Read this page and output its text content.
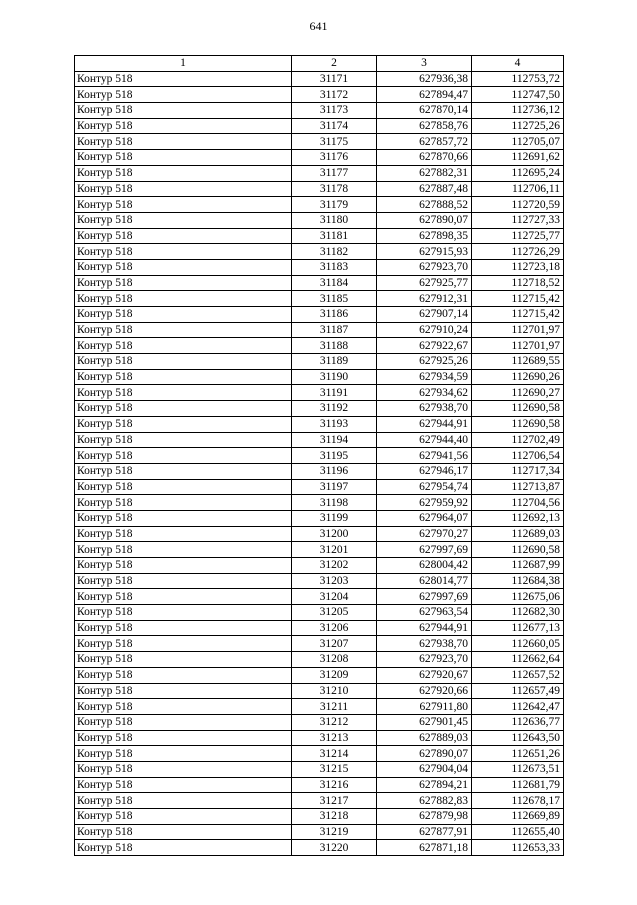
641
1	2	3	4
Контур 518	31171	627936,38	112753,72
Контур 518	31172	627894,47	112747,50
Контур 518	31173	627870,14	112736,12
Контур 518	31174	627858,76	112725,26
Контур 518	31175	627857,72	112705,07
Контур 518	31176	627870,66	112691,62
Контур 518	31177	627882,31	112695,24
Контур 518	31178	627887,48	112706,11
Контур 518	31179	627888,52	112720,59
Контур 518	31180	627890,07	112727,33
Контур 518	31181	627898,35	112725,77
Контур 518	31182	627915,93	112726,29
Контур 518	31183	627923,70	112723,18
Контур 518	31184	627925,77	112718,52
Контур 518	31185	627912,31	112715,42
Контур 518	31186	627907,14	112715,42
Контур 518	31187	627910,24	112701,97
Контур 518	31188	627922,67	112701,97
Контур 518	31189	627925,26	112689,55
Контур 518	31190	627934,59	112690,26
Контур 518	31191	627934,62	112690,27
Контур 518	31192	627938,70	112690,58
Контур 518	31193	627944,91	112690,58
Контур 518	31194	627944,40	112702,49
Контур 518	31195	627941,56	112706,54
Контур 518	31196	627946,17	112717,34
Контур 518	31197	627954,74	112713,87
Контур 518	31198	627959,92	112704,56
Контур 518	31199	627964,07	112692,13
Контур 518	31200	627970,27	112689,03
Контур 518	31201	627997,69	112690,58
Контур 518	31202	628004,42	112687,99
Контур 518	31203	628014,77	112684,38
Контур 518	31204	627997,69	112675,06
Контур 518	31205	627963,54	112682,30
Контур 518	31206	627944,91	112677,13
Контур 518	31207	627938,70	112660,05
Контур 518	31208	627923,70	112662,64
Контур 518	31209	627920,67	112657,52
Контур 518	31210	627920,66	112657,49
Контур 518	31211	627911,80	112642,47
Контур 518	31212	627901,45	112636,77
Контур 518	31213	627889,03	112643,50
Контур 518	31214	627890,07	112651,26
Контур 518	31215	627904,04	112673,51
Контур 518	31216	627894,21	112681,79
Контур 518	31217	627882,83	112678,17
Контур 518	31218	627879,98	112669,89
Контур 518	31219	627877,91	112655,40
Контур 518	31220	627871,18	112653,33
